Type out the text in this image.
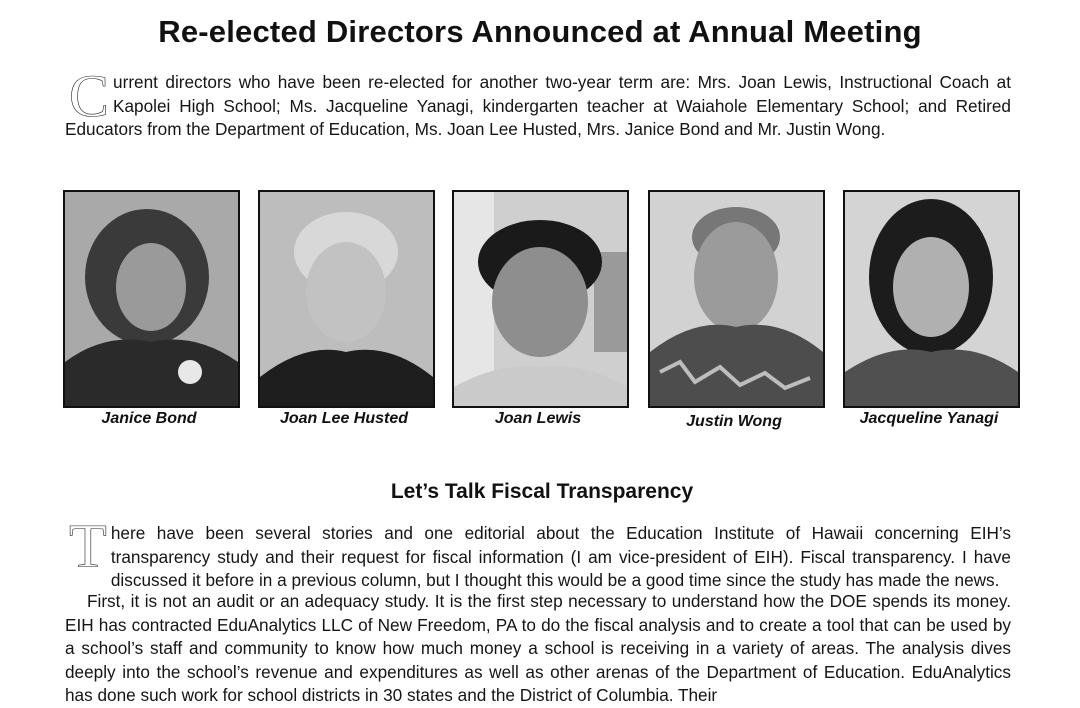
Re-elected Directors Announced at Annual Meeting
Current directors who have been re-elected for another two-year term are: Mrs. Joan Lewis, Instructional Coach at Kapolei High School; Ms. Jacqueline Yanagi, kindergarten teacher at Waiahole Elementary School; and Retired Educators from the Department of Education, Ms. Joan Lee Husted, Mrs. Janice Bond and Mr. Justin Wong.
Janice Bond	Joan Lee Husted	Joan Lewis	Justin Wong	Jacqueline Yanagi
Let’s Talk Fiscal Transparency
There have been several stories and one editorial about the Education Institute of Hawaii concerning EIH’s transparency study and their request for fiscal information (I am vice-president of EIH). Fiscal transparency. I have discussed it before in a previous column, but I thought this would be a good time since the study has made the news.
First, it is not an audit or an adequacy study. It is the first step necessary to understand how the DOE spends its money. EIH has contracted EduAnalytics LLC of New Freedom, PA to do the fiscal analysis and to create a tool that can be used by a school’s staff and community to know how much money a school is receiving in a variety of areas. The analysis dives deeply into the school’s revenue and expenditures as well as other arenas of the Department of Education. EduAnalytics has done such work for school districts in 30 states and the District of Columbia. Their
